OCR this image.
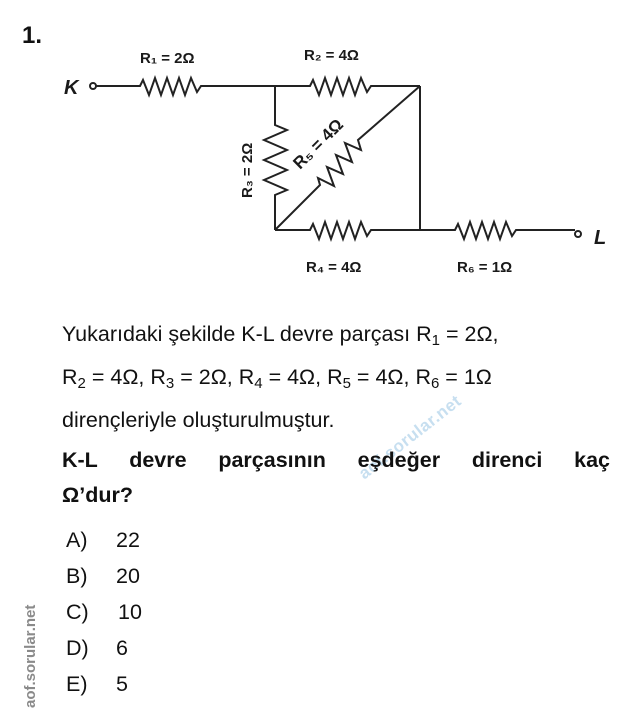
1.
K
L
R₁ = 2Ω	R₂ = 4Ω
R₄ = 4Ω	R₆ = 1Ω
R₃ = 2Ω R₅ = 4Ω
Yukarıdaki şekilde K-L devre parçası $R_1 = 2\Omega$,
$R_2 = 4\Omega$, $R_3 = 2\Omega$, $R_4 = 4\Omega$, $R_5 = 4\Omega$, $R_6 = 1\Omega$
dirençleriyle oluşturulmuştur.	aof.sorular.net
K-L devre parçasının eşdeğer direnci kaç Ω’dur?
A)	22
B)	20
C)	10
D)	6
E)	5
aof.sorular.net
